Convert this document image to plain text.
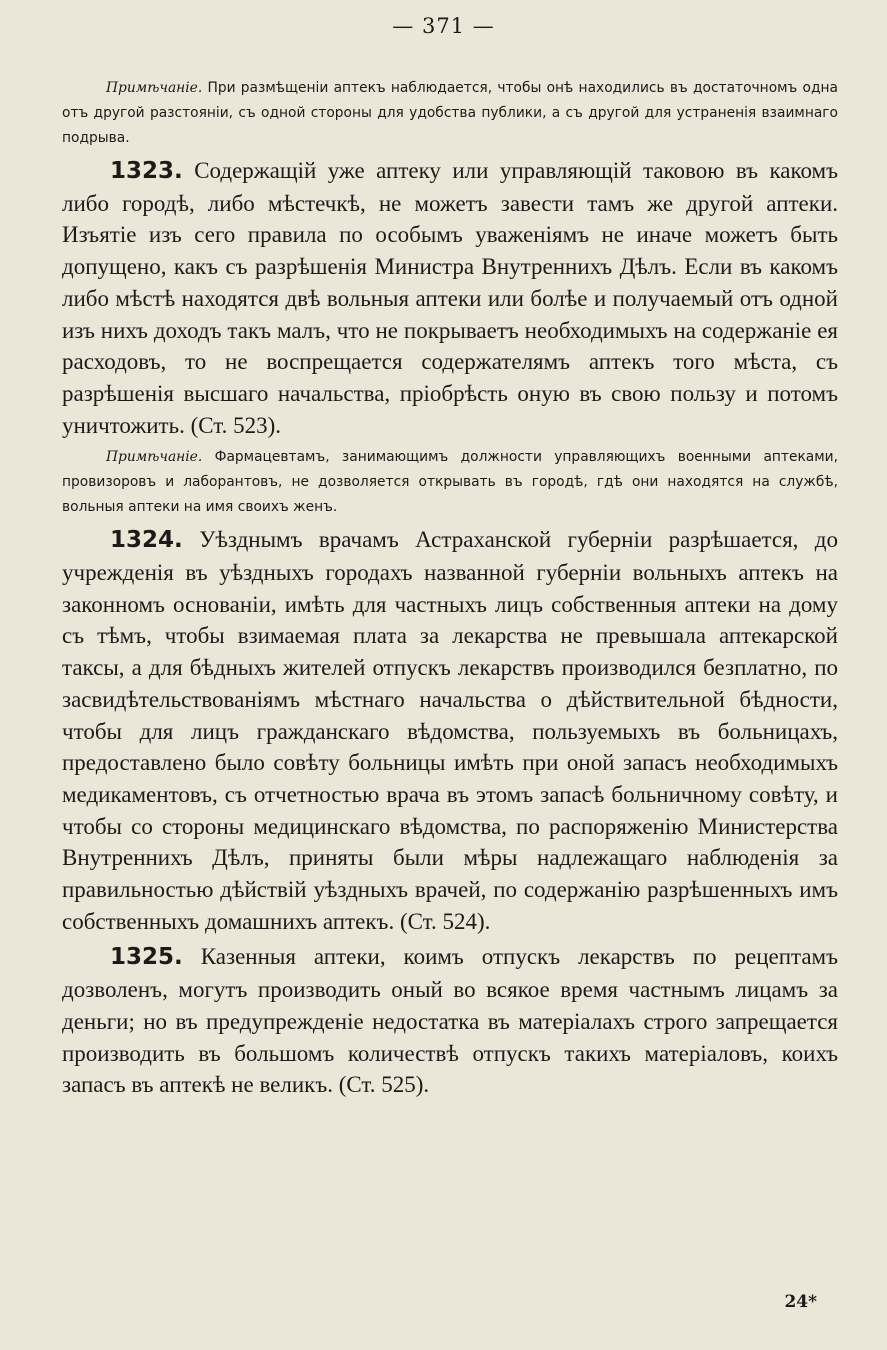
— 371 —

Примѣчаніе. При размѣщеніи аптекъ наблюдается, чтобы онѣ находились въ достаточномъ одна отъ другой разстояніи, съ одной стороны для удобства публики, а съ другой для устраненія взаимнаго подрыва.

1323. Содержащій уже аптеку или управляющій таковою въ какомъ либо городѣ, либо мѣстечкѣ, не можетъ завести тамъ же другой аптеки. Изъятіе изъ сего правила по особымъ уваженіямъ не иначе можетъ быть допущено, какъ съ разрѣшенія Министра Внутреннихъ Дѣлъ. Если въ какомъ либо мѣстѣ находятся двѣ вольныя аптеки или болѣе и получаемый отъ одной изъ нихъ доходъ такъ малъ, что не покрываетъ необходимыхъ на содержаніе ея расходовъ, то не воспрещается содержателямъ аптекъ того мѣста, съ разрѣшенія высшаго начальства, пріобрѣсть оную въ свою пользу и потомъ уничтожить. (Ст. 523).

Примѣчаніе. Фармацевтамъ, занимающимъ должности управляющихъ военными аптеками, провизоровъ и лаборантовъ, не дозволяется открывать въ городѣ, гдѣ они находятся на службѣ, вольныя аптеки на имя своихъ женъ.

1324. Уѣзднымъ врачамъ Астраханской губерніи разрѣшается, до учрежденія въ уѣздныхъ городахъ названной губерніи вольныхъ аптекъ на законномъ основаніи, имѣть для частныхъ лицъ собственныя аптеки на дому съ тѣмъ, чтобы взимаемая плата за лекарства не превышала аптекарской таксы, а для бѣдныхъ жителей отпускъ лекарствъ производился безплатно, по засвидѣтельствованіямъ мѣстнаго начальства о дѣйствительной бѣдности, чтобы для лицъ гражданскаго вѣдомства, пользуемыхъ въ больницахъ, предоставлено было совѣту больницы имѣть при оной запасъ необходимыхъ медикаментовъ, съ отчетностью врача въ этомъ запасѣ больничному совѣту, и чтобы со стороны медицинскаго вѣдомства, по распоряженію Министерства Внутреннихъ Дѣлъ, приняты были мѣры надлежащаго наблюденія за правильностью дѣйствій уѣздныхъ врачей, по содержанію разрѣшенныхъ имъ собственныхъ домашнихъ аптекъ. (Ст. 524).

1325. Казенныя аптеки, коимъ отпускъ лекарствъ по рецептамъ дозволенъ, могутъ производить оный во всякое время частнымъ лицамъ за деньги; но въ предупрежденіе недостатка въ матеріалахъ строго запрещается производить въ большомъ количествѣ отпускъ такихъ матеріаловъ, коихъ запасъ въ аптекѣ не великъ. (Ст. 525).

24*
